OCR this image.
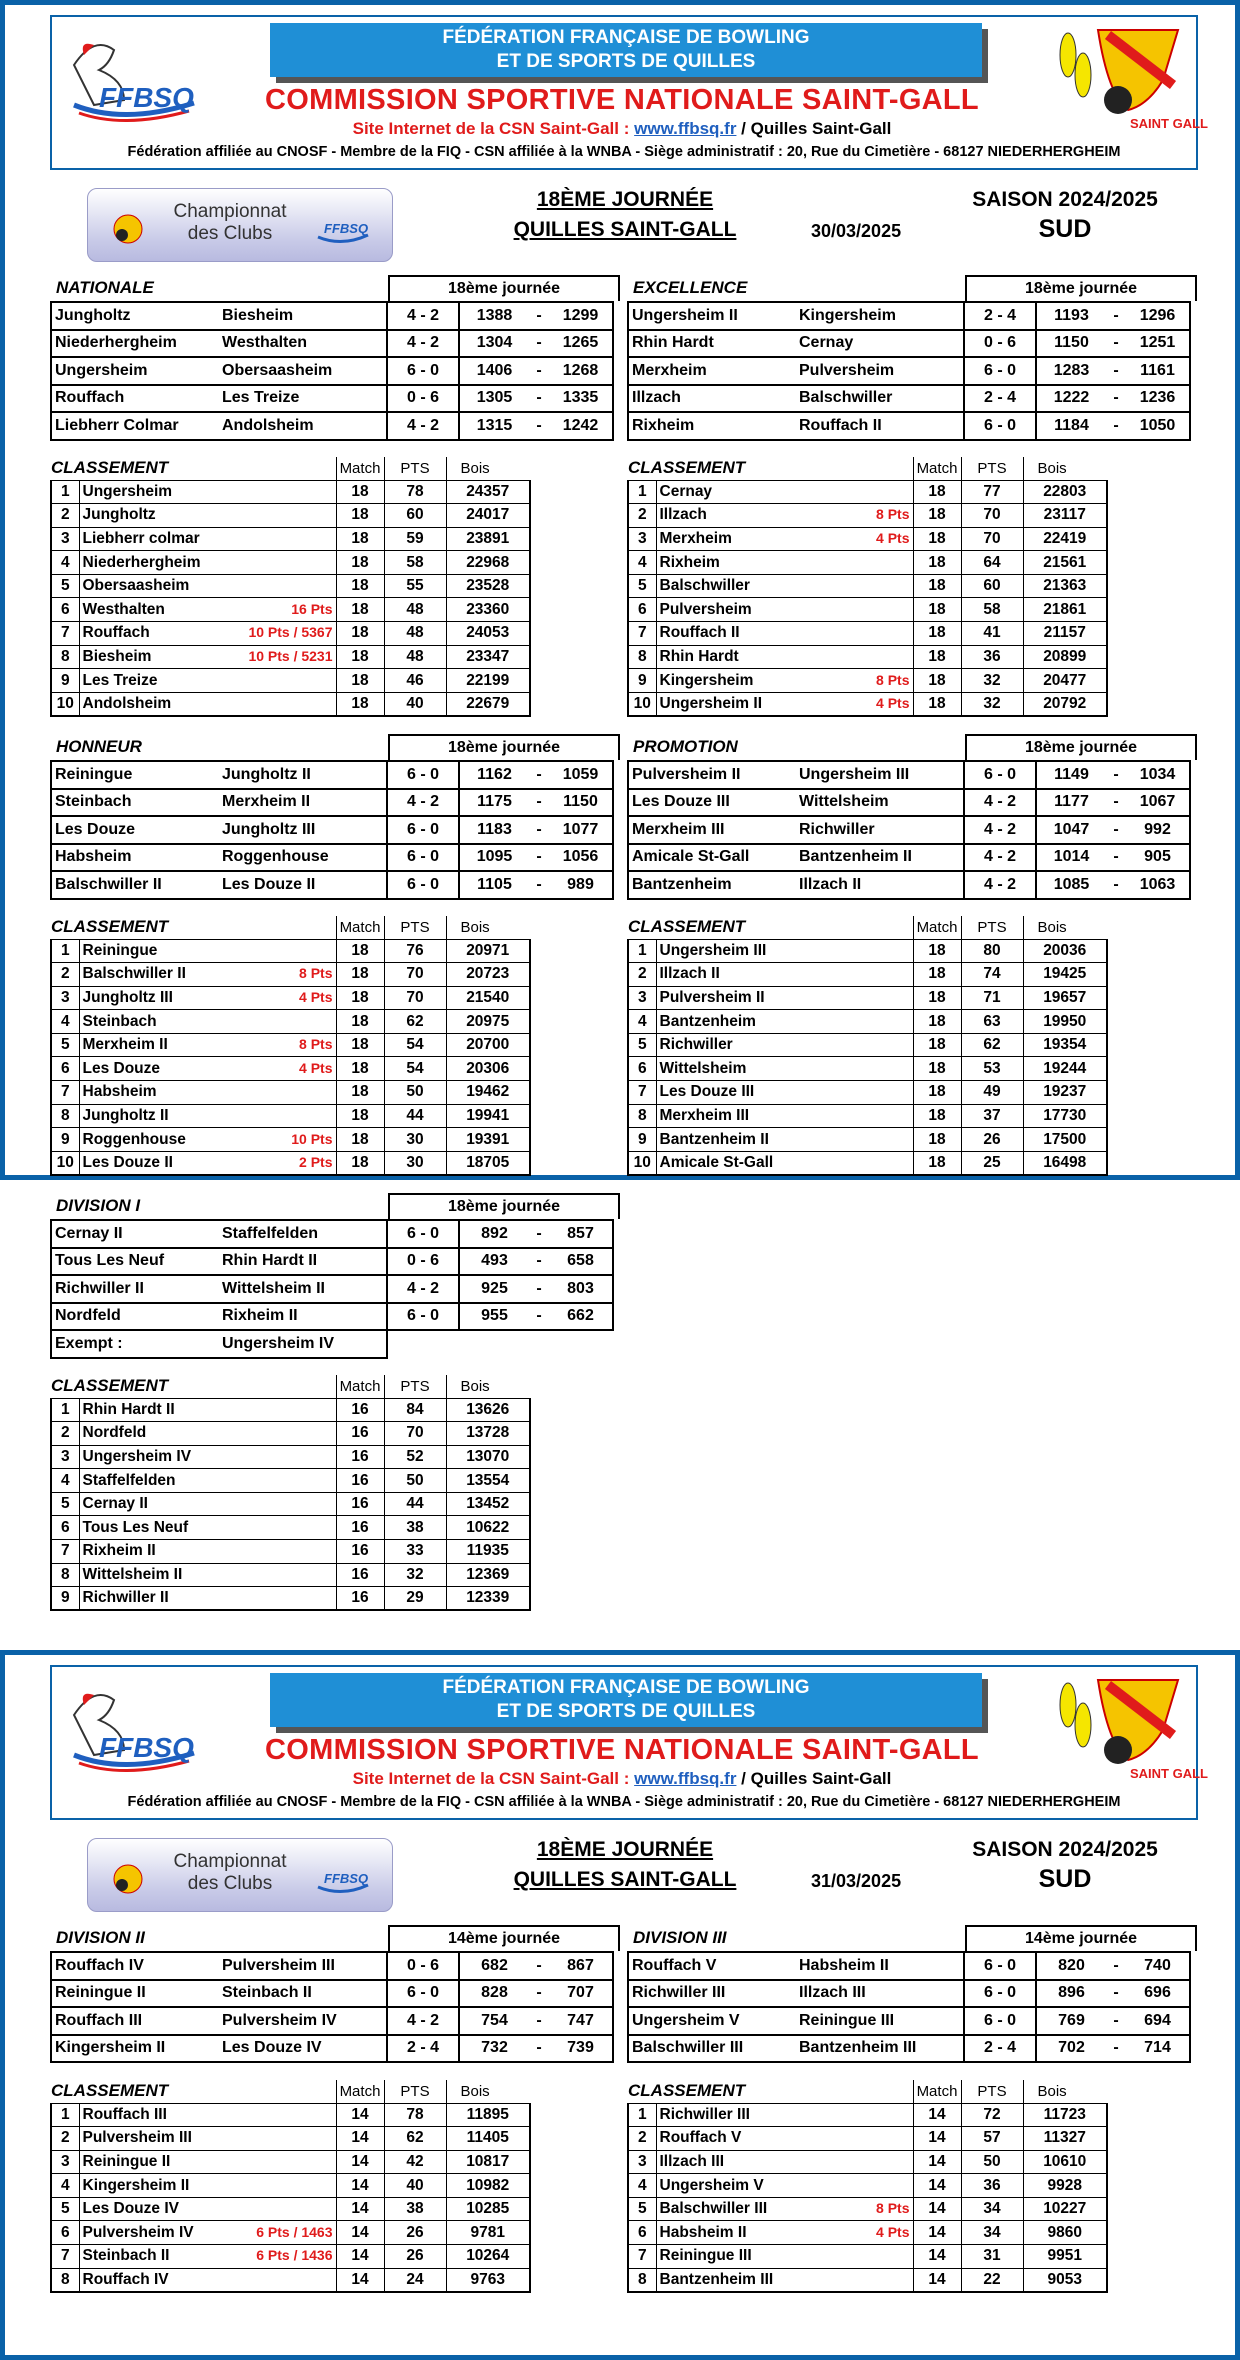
FFBSQ
FÉDÉRATION FRANÇAISE DE BOWLING
ET DE SPORTS DE QUILLES
COMMISSION SPORTIVE NATIONALE SAINT-GALL
Site Internet de la CSN Saint-Gall : www.ffbsq.fr / Quilles Saint-Gall
Fédération affiliée au CNOSF - Membre de la FIQ - CSN affiliée à la WNBA - Siège administratif : 20, Rue du Cimetière - 68127 NIEDERHERGHEIM
SAINT GALL
Championnat
des Clubs	FFBSQ
18ÈME JOURNÉE
QUILLES SAINT-GALL	30/03/2025
SAISON 2024/2025
SUD
NATIONALE	18ème journée
Jungholtz	Biesheim	4 - 2	1388	-	1299
Niederhergheim	Westhalten	4 - 2	1304	-	1265
Ungersheim	Obersaasheim	6 - 0	1406	-	1268
Rouffach	Les Treize	0 - 6	1305	-	1335
Liebherr Colmar	Andolsheim	4 - 2	1315	-	1242
EXCELLENCE	18ème journée
Ungersheim II	Kingersheim	2 - 4	1193	-	1296
Rhin Hardt	Cernay	0 - 6	1150	-	1251
Merxheim	Pulversheim	6 - 0	1283	-	1161
Illzach	Balschwiller	2 - 4	1222	-	1236
Rixheim	Rouffach II	6 - 0	1184	-	1050
HONNEUR	18ème journée
Reiningue	Jungholtz II	6 - 0	1162	-	1059
Steinbach	Merxheim II	4 - 2	1175	-	1150
Les Douze	Jungholtz III	6 - 0	1183	-	1077
Habsheim	Roggenhouse	6 - 0	1095	-	1056
Balschwiller II	Les Douze II	6 - 0	1105	-	989
PROMOTION	18ème journée
Pulversheim II	Ungersheim III	6 - 0	1149	-	1034
Les Douze III	Wittelsheim	4 - 2	1177	-	1067
Merxheim III	Richwiller	4 - 2	1047	-	992
Amicale St-Gall	Bantzenheim II	4 - 2	1014	-	905
Bantzenheim	Illzach II	4 - 2	1085	-	1063
DIVISION I	18ème journée
Cernay II	Staffelfelden	6 - 0	892	-	857
Tous Les Neuf	Rhin Hardt II	0 - 6	493	-	658
Richwiller II	Wittelsheim II	4 - 2	925	-	803
Nordfeld	Rixheim II	6 - 0	955	-	662
Exempt :	Ungersheim IV				
CLASSEMENT		Match	PTS	Bois
1	Ungersheim	18	78	24357
2	Jungholtz	18	60	24017
3	Liebherr colmar	18	59	23891
4	Niederhergheim	18	58	22968
5	Obersaasheim	18	55	23528
6	Westhalten 16 Pts	18	48	23360
7	Rouffach 10 Pts / 5367	18	48	24053
8	Biesheim 10 Pts / 5231	18	48	23347
9	Les Treize	18	46	22199
10	Andolsheim	18	40	22679
CLASSEMENT		Match	PTS	Bois
1	Cernay	18	77	22803
2	Illzach 8 Pts	18	70	23117
3	Merxheim 4 Pts	18	70	22419
4	Rixheim	18	64	21561
5	Balschwiller	18	60	21363
6	Pulversheim	18	58	21861
7	Rouffach II	18	41	21157
8	Rhin Hardt	18	36	20899
9	Kingersheim 8 Pts	18	32	20477
10	Ungersheim II 4 Pts	18	32	20792
CLASSEMENT		Match	PTS	Bois
1	Reiningue	18	76	20971
2	Balschwiller II 8 Pts	18	70	20723
3	Jungholtz III 4 Pts	18	70	21540
4	Steinbach	18	62	20975
5	Merxheim II 8 Pts	18	54	20700
6	Les Douze 4 Pts	18	54	20306
7	Habsheim	18	50	19462
8	Jungholtz II	18	44	19941
9	Roggenhouse 10 Pts	18	30	19391
10	Les Douze II 2 Pts	18	30	18705
CLASSEMENT		Match	PTS	Bois
1	Ungersheim III	18	80	20036
2	Illzach II	18	74	19425
3	Pulversheim II	18	71	19657
4	Bantzenheim	18	63	19950
5	Richwiller	18	62	19354
6	Wittelsheim	18	53	19244
7	Les Douze III	18	49	19237
8	Merxheim III	18	37	17730
9	Bantzenheim II	18	26	17500
10	Amicale St-Gall	18	25	16498
CLASSEMENT		Match	PTS	Bois
1	Rhin Hardt II	16	84	13626
2	Nordfeld	16	70	13728
3	Ungersheim IV	16	52	13070
4	Staffelfelden	16	50	13554
5	Cernay II	16	44	13452
6	Tous Les Neuf	16	38	10622
7	Rixheim II	16	33	11935
8	Wittelsheim II	16	32	12369
9	Richwiller II	16	29	12339
FFBSQ
FÉDÉRATION FRANÇAISE DE BOWLING
ET DE SPORTS DE QUILLES
COMMISSION SPORTIVE NATIONALE SAINT-GALL
Site Internet de la CSN Saint-Gall : www.ffbsq.fr / Quilles Saint-Gall
Fédération affiliée au CNOSF - Membre de la FIQ - CSN affiliée à la WNBA - Siège administratif : 20, Rue du Cimetière - 68127 NIEDERHERGHEIM
SAINT GALL
Championnat
des Clubs	FFBSQ
18ÈME JOURNÉE
QUILLES SAINT-GALL	31/03/2025
SAISON 2024/2025
SUD
DIVISION II	14ème journée
Rouffach IV	Pulversheim III	0 - 6	682	-	867
Reiningue II	Steinbach II	6 - 0	828	-	707
Rouffach III	Pulversheim IV	4 - 2	754	-	747
Kingersheim II	Les Douze IV	2 - 4	732	-	739
DIVISION III	14ème journée
Rouffach V	Habsheim II	6 - 0	820	-	740
Richwiller III	Illzach III	6 - 0	896	-	696
Ungersheim V	Reiningue III	6 - 0	769	-	694
Balschwiller III	Bantzenheim III	2 - 4	702	-	714
CLASSEMENT		Match	PTS	Bois
1	Rouffach III	14	78	11895
2	Pulversheim III	14	62	11405
3	Reiningue II	14	42	10817
4	Kingersheim II	14	40	10982
5	Les Douze IV	14	38	10285
6	Pulversheim IV 6 Pts / 1463	14	26	9781
7	Steinbach II 6 Pts / 1436	14	26	10264
8	Rouffach IV	14	24	9763
CLASSEMENT		Match	PTS	Bois
1	Richwiller III	14	72	11723
2	Rouffach V	14	57	11327
3	Illzach III	14	50	10610
4	Ungersheim V	14	36	9928
5	Balschwiller III 8 Pts	14	34	10227
6	Habsheim II 4 Pts	14	34	9860
7	Reiningue III	14	31	9951
8	Bantzenheim III	14	22	9053
